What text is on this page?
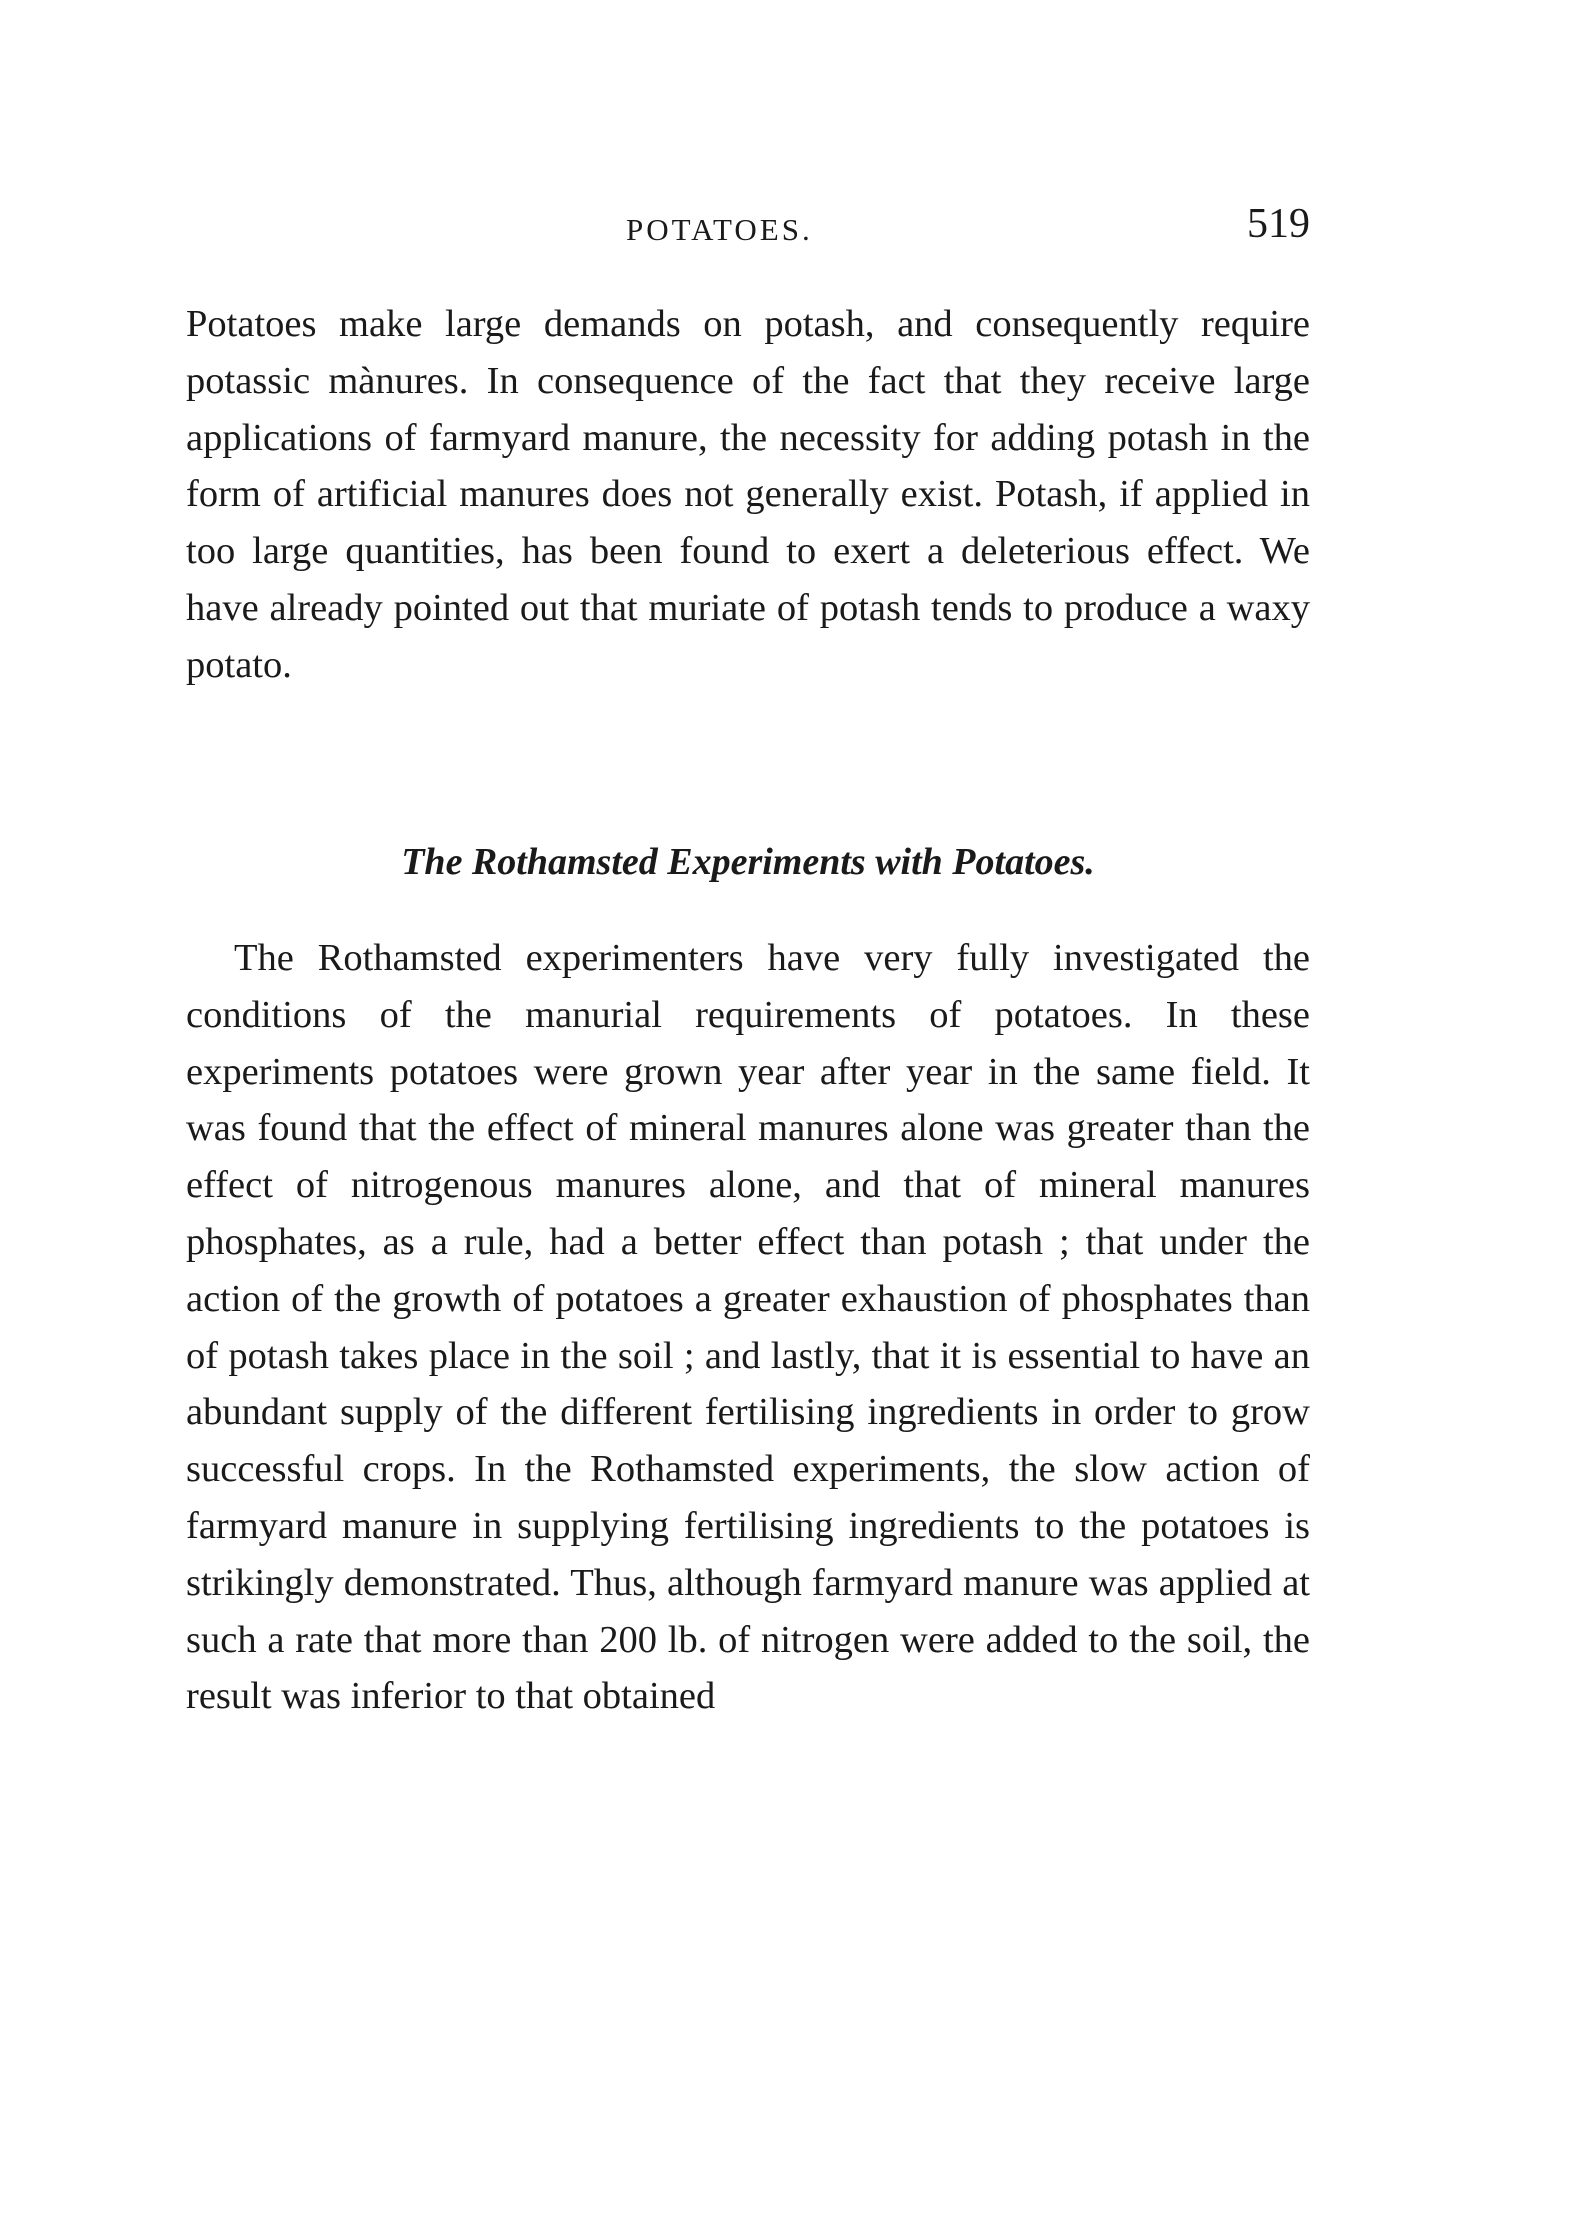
POTATOES.	519

Potatoes make large demands on potash, and consequently require potassic mànures. In consequence of the fact that they receive large applications of farmyard manure, the necessity for adding potash in the form of artificial manures does not generally exist. Potash, if applied in too large quantities, has been found to exert a deleterious effect. We have already pointed out that muriate of potash tends to produce a waxy potato.

The Rothamsted Experiments with Potatoes.

The Rothamsted experimenters have very fully investigated the conditions of the manurial requirements of potatoes. In these experiments potatoes were grown year after year in the same field. It was found that the effect of mineral manures alone was greater than the effect of nitrogenous manures alone, and that of mineral manures phosphates, as a rule, had a better effect than potash ; that under the action of the growth of potatoes a greater exhaustion of phosphates than of potash takes place in the soil ; and lastly, that it is essential to have an abundant supply of the different fertilising ingredients in order to grow successful crops. In the Rothamsted experiments, the slow action of farmyard manure in supplying fertilising ingredients to the potatoes is strikingly demonstrated. Thus, although farmyard manure was applied at such a rate that more than 200 lb. of nitrogen were added to the soil, the result was inferior to that obtained
